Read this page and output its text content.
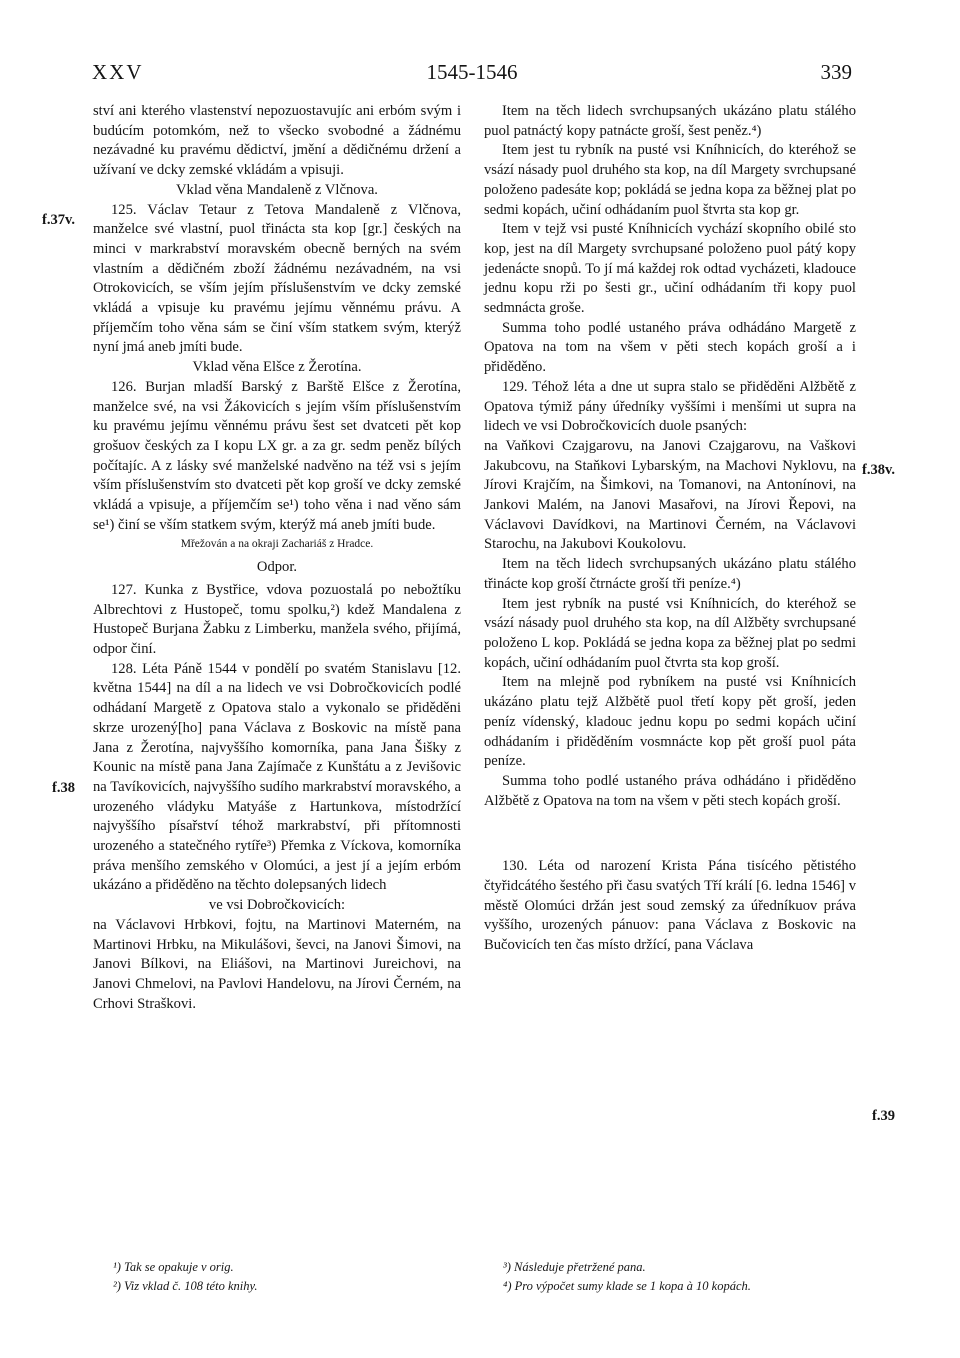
XXV	1545-1546	339

ství ani kterého vlastenství nepozuostavujíc ani erbóm svým i budúcím potomkóm, než to všecko svobodné a žádnému nezávadné ku pravému dědictví, jmění a dědičnému držení a užívaní ve dcky zemské vkládám a vpisuji.

Vklad věna Mandaleně z Vlčnova.

125. Václav Tetaur z Tetova Mandaleně z Vlčnova, manželce své vlastní, puol třinácta sta kop [gr.] českých na minci v markrabství moravském obecně berných na svém vlastním a dědičném zboží žádnému nezávadném, na vsi Otrokovicích, se vším jejím příslušenstvím ve dcky zemské vkládá a vpisuje ku pravému jejímu věnnému právu. A příjemčím toho věna sám se činí vším statkem svým, kterýž nyní jmá aneb jmíti bude.

Vklad věna Elšce z Žerotína.

126. Burjan mladší Barský z Barště Elšce z Žerotína, manželce své, na vsi Žákovicích s jejím vším příslušenstvím ku pravému jejímu věnnému právu šest set dvatceti pět kop grošuov českých za I kopu LX gr. a za gr. sedm peněz bílých počítajíc. A z lásky své manželské nadvěno na též vsi s jejím vším příslušenstvím sto dvatceti pět kop groší ve dcky zemské vkládá a vpisuje, a příjemčím se¹) toho věna i nad věno sám se¹) činí se vším statkem svým, kterýž má aneb jmíti bude.

Mřežován a na okraji Zachariáš z Hradce.

Odpor.

127. Kunka z Bystřice, vdova pozuostalá po nebožtíku Albrechtovi z Hustopeč, tomu spolku,²) kdež Mandalena z Hustopeč Burjana Žabku z Limberku, manžela svého, přijímá, odpor činí.

128. Léta Páně 1544 v pondělí po svatém Stanislavu [12. května 1544] na díl a na lidech ve vsi Dobročkovicích podlé odhádaní Margetě z Opatova stalo a vykonalo se přiděděni skrze urozený[ho] pana Václava z Boskovic na místě pana Jana z Žerotína, najvyššího komorníka, pana Jana Šišky z Kounic na místě pana Jana Zajímače z Kunštátu a z Jevišovic na Tavíkovicích, najvyššího sudího markrabství moravského, a urozeného vládyku Matyáše z Hartunkova, místodržící najvyššího písařství téhož markrabství, při přítomnosti urozeného a statečného rytíře³) Přemka z Víckova, komorníka práva menšího zemského v Olomúci, a jest jí a jejím erbóm ukázáno a přiděděno na těchto dolepsaných lidech

ve vsi Dobročkovicích:

na Václavovi Hrbkovi, fojtu, na Martinovi Materném, na Martinovi Hrbku, na Mikulášovi, ševci, na Janovi Šimovi, na Janovi Bílkovi, na Eliášovi, na Martinovi Jureichovi, na Janovi Chmelovi, na Pavlovi Handelovu, na Jírovi Černém, na Crhovi Straškovi.

Item na těch lidech svrchupsaných ukázáno platu stálého puol patnáctý kopy patnácte groší, šest peněz.⁴)

Item jest tu rybník na pusté vsi Kníhnicích, do kteréhož se vsází násady puol druhého sta kop, na díl Margety svrchupsané položeno padesáte kop; pokládá se jedna kopa za běžnej plat po sedmi kopách, učiní odhádaním puol štvrta sta kop gr.

Item v tejž vsi pusté Kníhnicích vychází skopního obilé sto kop, jest na díl Margety svrchupsané položeno puol pátý kopy jedenácte snopů. To jí má každej rok odtad vycházeti, kladouce jednu kopu rži po šesti gr., učiní odhádaním tři kopy puol sedmnácta groše.

Summa toho podlé ustaného práva odhádáno Margetě z Opatova na tom na všem v pěti stech kopách groší a i přiděděno.

129. Téhož léta a dne ut supra stalo se přiděděni Alžbětě z Opatova týmiž pány úředníky vyššími i menšími ut supra na lidech ve vsi Dobročkovicích duole psaných:

na Vaňkovi Czajgarovu, na Janovi Czajgarovu, na Vaškovi Jakubcovu, na Staňkovi Lybarským, na Machovi Nyklovu, na Jírovi Krajčím, na Šimkovi, na Tomanovi, na Antonínovi, na Jankovi Malém, na Janovi Masařovi, na Jírovi Řepovi, na Václavovi Davídkovi, na Martinovi Černém, na Václavovi Starochu, na Jakubovi Koukolovu.

Item na těch lidech svrchupsaných ukázáno platu stálého třinácte kop groší čtrnácte groší tři peníze.⁴)

Item jest rybník na pusté vsi Kníhnicích, do kteréhož se vsází násady puol druhého sta kop, na díl Alžběty svrchupsané položeno L kop. Pokládá se jedna kopa za běžnej plat po sedmi kopách, učiní odhádaním puol čtvrta sta kop groší.

Item na mlejně pod rybníkem na pusté vsi Kníhnicích ukázáno platu tejž Alžbětě puol třetí kopy pět groší, jeden peníz vídenský, kladouc jednu kopu po sedmi kopách učiní odhádaním i přiděděním vosmnácte kop pět groší puol páta peníze.

Summa toho podlé ustaného práva odhádáno i přiděděno Alžbětě z Opatova na tom na všem v pěti stech kopách groší.

130. Léta od narození Krista Pána tisícého pětistého čtyřidcátého šestého při času svatých Tří králí [6. ledna 1546] v městě Olomúci držán jest soud zemský za úředníkuov práva vyššího, urozených pánuov: pana Václava z Boskovic na Bučovicích ten čas místo držící, pana Václava

f.37v.
f.38
f.38v.
f.39

¹) Tak se opakuje v orig.

²) Viz vklad č. 108 této knihy.

³) Následuje přetržené pana.

⁴) Pro výpočet sumy klade se 1 kopa à 10 kopách.
